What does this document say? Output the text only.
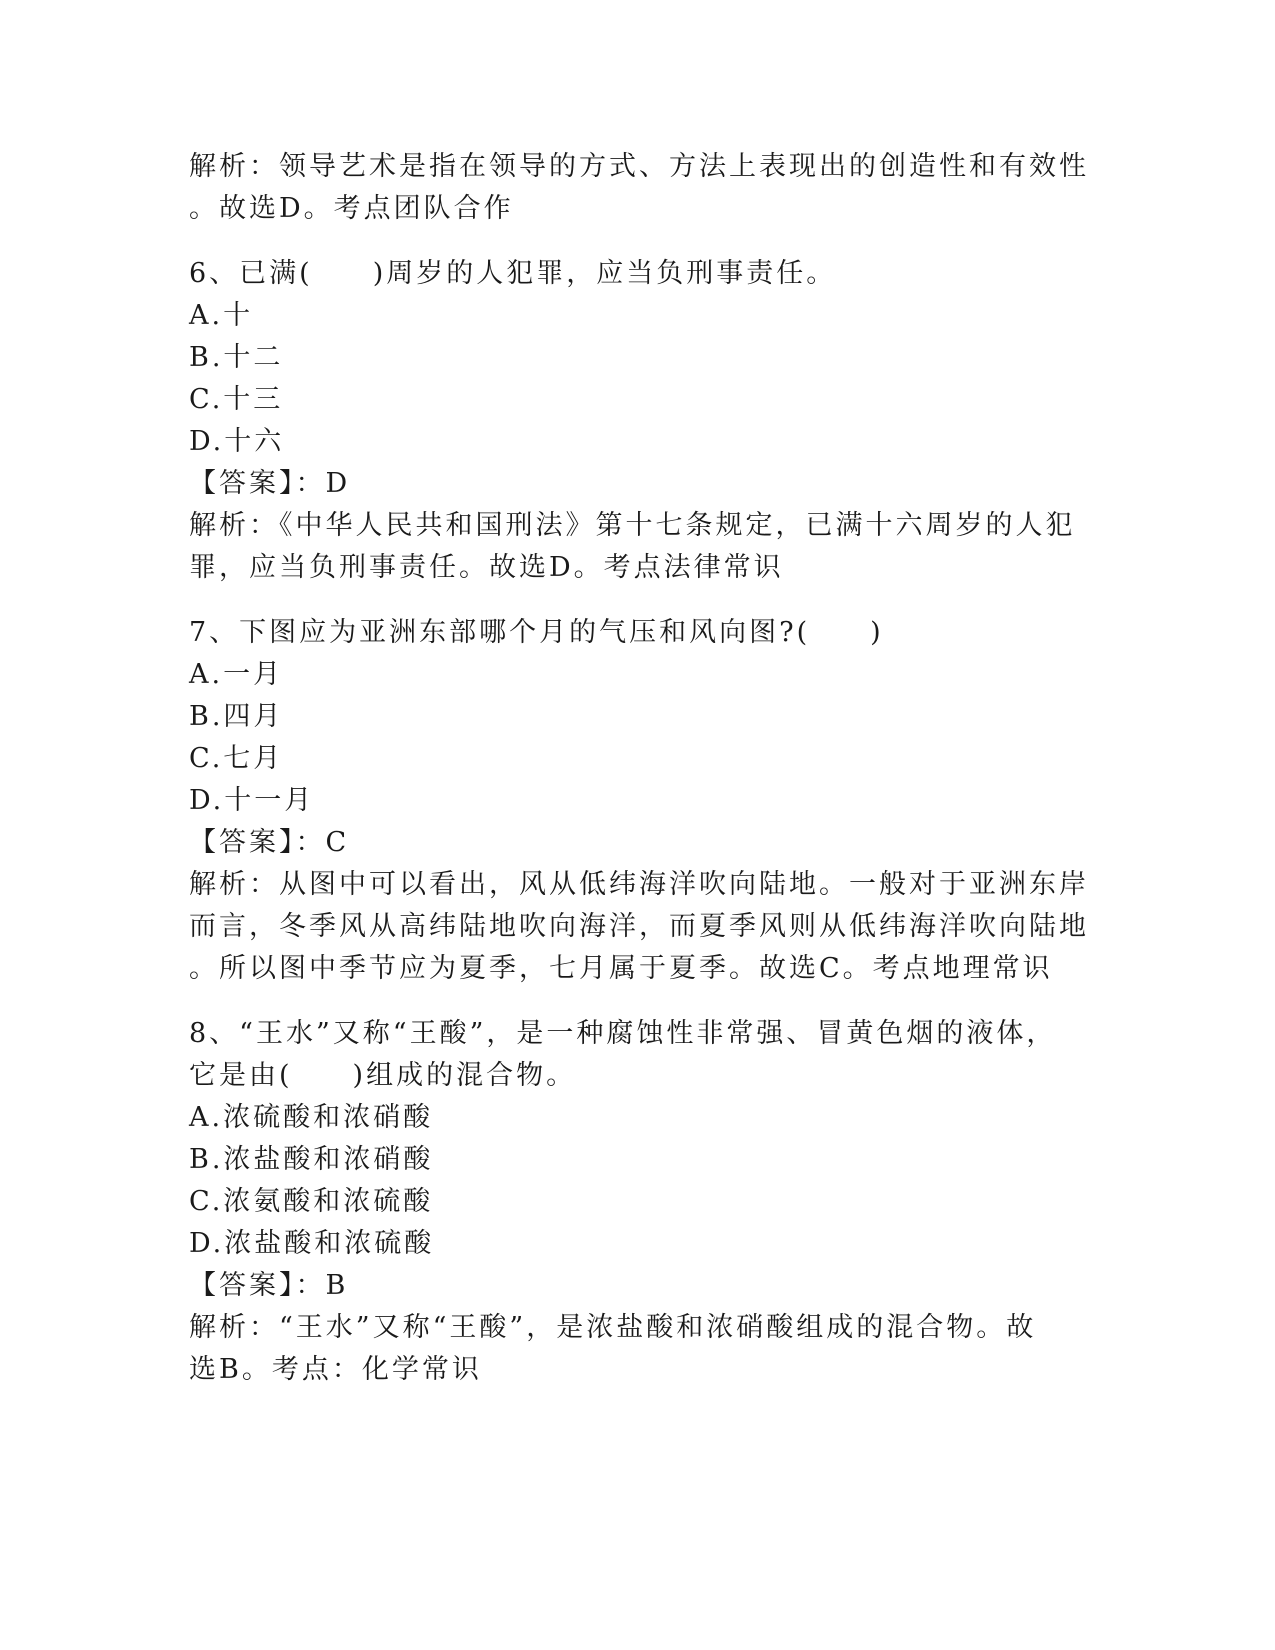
解析：领导艺术是指在领导的方式、方法上表现出的创造性和有效性
。故选D。考点团队合作
6、已满(　　)周岁的人犯罪，应当负刑事责任。
A.十
B.十二
C.十三
D.十六
【答案】：D
解析：《中华人民共和国刑法》第十七条规定，已满十六周岁的人犯
罪，应当负刑事责任。故选D。考点法律常识
7、下图应为亚洲东部哪个月的气压和风向图?(　　)
A.一月
B.四月
C.七月
D.十一月
【答案】：C
解析：从图中可以看出，风从低纬海洋吹向陆地。一般对于亚洲东岸
而言，冬季风从高纬陆地吹向海洋，而夏季风则从低纬海洋吹向陆地
。所以图中季节应为夏季，七月属于夏季。故选C。考点地理常识
8、“王水”又称“王酸”，是一种腐蚀性非常强、冒黄色烟的液体，
它是由(　　)组成的混合物。
A.浓硫酸和浓硝酸
B.浓盐酸和浓硝酸
C.浓氨酸和浓硫酸
D.浓盐酸和浓硫酸
【答案】：B
解析：“王水”又称“王酸”，是浓盐酸和浓硝酸组成的混合物。故
选B。考点：化学常识
